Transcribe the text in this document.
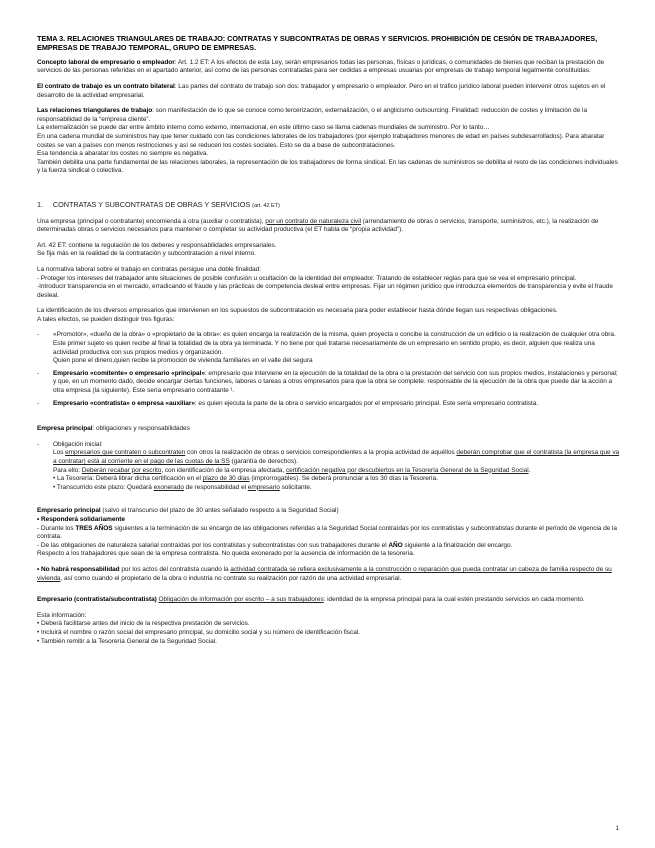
TEMA 3. RELACIONES TRIANGULARES DE TRABAJO: CONTRATAS Y SUBCONTRATAS DE OBRAS Y SERVICIOS. PROHIBICIÓN DE CESIÓN DE TRABAJADORES, EMPRESAS DE TRABAJO TEMPORAL, GRUPO DE EMPRESAS.

Concepto laboral de empresario o empleador: Art. 1.2 ET: A los efectos de esta Ley, serán empresarios todas las personas, físicas o jurídicas, o comunidades de bienes que reciban la prestación de servicios de las personas referidas en el apartado anterior, así como de las personas contratadas para ser cedidas a empresas usuarias por empresas de trabajo temporal legalmente constituidas.

El contrato de trabajo es un contrato bilateral: Las partes del contrato de trabajo son dos: trabajador y empresario o empleador. Pero en el tráfico jurídico laboral pueden intervenir otros sujetos en el desarrollo de la actividad empresarial.

Las relaciones triangulares de trabajo: son manifestación de lo que se conoce como tercerización, externalización, o el anglicismo outsourcing. Finalidad: reducción de costes y limitación de la responsabilidad de la “empresa cliente”.

La externalización se puede dar entre ámbito interno como externo, internacional, en este último caso se llama cadenas mundiales de suministro. Por lo tanto…

En una cadena mundial de suministros hay que tener cuidado con las condiciones laborales de los trabajadores (por ejemplo trabajadores menores de edad en países subdesarrollados). Para abaratar costes se van a países con menos restricciones y así se reducen los costes sociales. Esto se da a base de subcontrataciones.

Esa tendencia a abaratar los costes no siempre es negativa.

También debilita una parte fundamental de las relaciones laborales, la representación de los trabajadores de forma sindical. En las cadenas de suministros se debilita el resto de las condiciones individuales y la fuerza sindical o colectiva.

1. CONTRATAS Y SUBCONTRATAS DE OBRAS Y SERVICIOS (art. 42 ET)

Una empresa (principal o contratante) encomienda a otra (auxiliar o contratista), por un contrato de naturaleza civil (arrendamiento de obras o servicios, transporte, suministros, etc.), la realización de determinadas obras o servicios necesarios para mantener o completar su actividad productiva (el ET habla de “propia actividad”).

Art. 42 ET: contiene la regulación de los deberes y responsabilidades empresariales.

Se fija más en la realidad de la contratación y subcontratación a nivel interno.

La normativa laboral sobre el trabajo en contratas persigue una doble finalidad:

- Proteger los intereses del trabajador ante situaciones de posible confusión u ocultación de la identidad del empleador. Tratando de establecer reglas para que se vea el empresario principal.

-Introducir transparencia en el mercado, erradicando el fraude y las prácticas de competencia desleal entre empresas. Fijar un régimen jurídico que introduzca elementos de transparencia y evite el fraude desleal.

La identificación de los diversos empresarios que intervienen en los supuestos de subcontratación es necesaria para poder establecer hasta dónde llegan sus respectivas obligaciones.

A tales efectos, se pueden distinguir tres figuras:

- «Promotor», «dueño de la obra» o «propietario de la obra»: es quien encarga la realización de la misma, quien proyecta o concibe la construcción de un edificio o la realización de cualquier otra obra. Este primer sujeto es quien recibe al final la totalidad de la obra ya terminada. Y no tiene por qué tratarse necesariamente de un empresario en sentido propio, es decir, alguien que realiza una actividad productiva con sus propios medios y organización.
Quien pone el dinero,quien recibe la promoción de vivienda familiares en el valle del segura
- Empresario «comitente» o empresario «principal»: empresario que interviene en la ejecución de la totalidad de la obra o la prestación del servicio con sus propios medios, instalaciones y personal; y que, en un momento dado, decide encargar ciertas funciones, labores o tareas a otros empresarios para que la obra se complete. responsable de la ejecución de la obra que puede dar la acción a otra empresa (la siguiente). Este sería empresario contratante ¹.
- Empresario «contratista» o empresa «auxiliar»: es quien ejecuta la parte de la obra o servicio encargados por el empresario principal. Este sería empresario contratista.

Empresa principal: obligaciones y responsabilidades

- Obligación inicial:

Los empresarios que contraten o subcontraten con otros la realización de obras o servicios correspondientes a la propia actividad de aquéllos deberán comprobar que el contratista (la empresa que va a contratar) está al corriente en el pago de las cuotas de la SS (garantía de derechos).

Para ello: Deberán recabar por escrito, con identificación de la empresa afectada, certificación negativa por descubiertos en la Tesorería General de la Seguridad Social.

• La Tesorería: Deberá librar dicha certificación en el plazo de 30 días (improrrogables). Se deberá pronunciar a los 30 días la Tesorería.

• Transcurrido este plazo: Quedará exonerado de responsabilidad el empresario solicitante.

Empresario principal (salvo el transcurso del plazo de 30 antes señalado respecto a la Seguridad Social)

• Responderá solidariamente

- Durante los TRES AÑOS siguientes a la terminación de su encargo de las obligaciones referidas a la Seguridad Social contraídas por los contratistas y subcontratistas durante el período de vigencia de la contrata.

- De las obligaciones de naturaleza salarial contraídas por los contratistas y subcontratistas con sus trabajadores durante el AÑO siguiente a la finalización del encargo.

Respecto a los trabajadores que sean de la empresa contratista. No queda exonerado por la ausencia de información de la tesorería.

• No habrá responsabilidad por los actos del contratista cuando la actividad contratada se refiera exclusivamente a la construcción o reparación que pueda contratar un cabeza de familia respecto de su vivienda, así como cuando el propietario de la obra o industria no contrate su realización por razón de una actividad empresarial.

Empresario (contratista/subcontratista) Obligación de información por escrito – a sus trabajadores: identidad de la empresa principal para la cual estén prestando servicios en cada momento.

Esta información:

• Deberá facilitarse antes del inicio de la respectiva prestación de servicios.

• Incluirá el nombre o razón social del empresario principal, su domicilio social y su número de identificación fiscal.

• También remitir a la Tesorería General de la Seguridad Social.

1
